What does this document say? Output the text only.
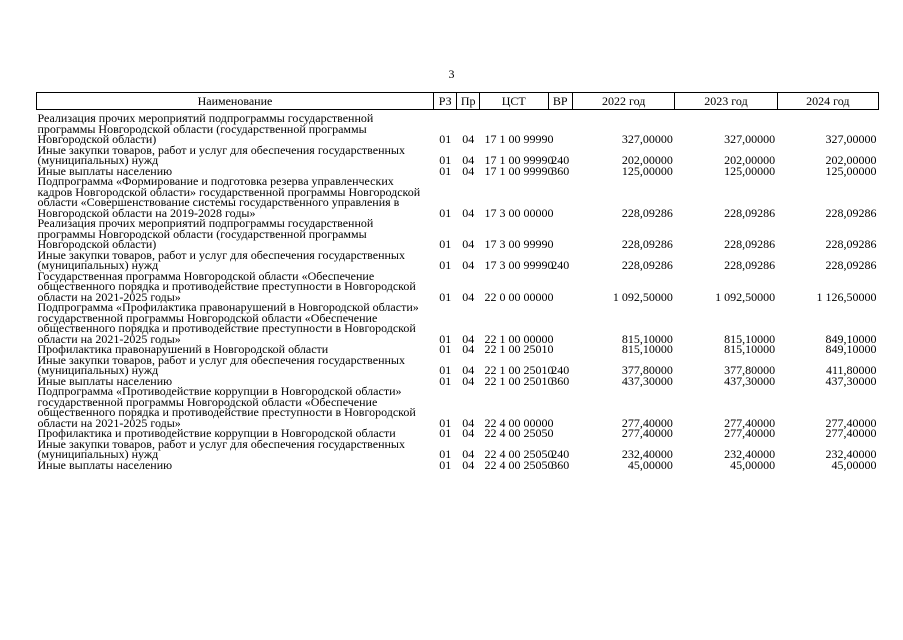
3
Наименование	РЗ	Пр	ЦСТ	ВР	2022 год	2023 год	2024 год
Реализация прочих мероприятий подпрограммы государственной программы Новгородской области (государственной программы Новгородской области)	01	04	17 1 00 99990		327,00000	327,00000	327,00000
Иные закупки товаров, работ и услуг для обеспечения государственных (муниципальных) нужд	01	04	17 1 00 99990	240	202,00000	202,00000	202,00000
Иные выплаты населению	01	04	17 1 00 99990	360	125,00000	125,00000	125,00000
Подпрограмма «Формирование и подготовка резерва управленческих кадров Новгородской области» государственной программы Новгородской области «Совершенствование системы государственного управления в Новгородской области на 2019-2028 годы»	01	04	17 3 00 00000		228,09286	228,09286	228,09286
Реализация прочих мероприятий подпрограммы государственной программы Новгородской области (государственной программы Новгородской области)	01	04	17 3 00 99990		228,09286	228,09286	228,09286
Иные закупки товаров, работ и услуг для обеспечения государственных (муниципальных) нужд	01	04	17 3 00 99990	240	228,09286	228,09286	228,09286
Государственная программа Новгородской области «Обеспечение общественного порядка и противодействие преступности в Новгородской области на 2021-2025 годы»	01	04	22 0 00 00000		1 092,50000	1 092,50000	1 126,50000
Подпрограмма «Профилактика правонарушений в Новгородской области» государственной программы Новгородской области «Обеспечение общественного порядка и противодействие преступности в Новгородской области на 2021-2025 годы»	01	04	22 1 00 00000		815,10000	815,10000	849,10000
Профилактика правонарушений в Новгородской области	01	04	22 1 00 25010		815,10000	815,10000	849,10000
Иные закупки товаров, работ и услуг для обеспечения государственных (муниципальных) нужд	01	04	22 1 00 25010	240	377,80000	377,80000	411,80000
Иные выплаты населению	01	04	22 1 00 25010	360	437,30000	437,30000	437,30000
Подпрограмма «Противодействие коррупции в Новгородской области» государственной программы Новгородской области «Обеспечение общественного порядка и противодействие преступности в Новгородской области на 2021-2025 годы»	01	04	22 4 00 00000		277,40000	277,40000	277,40000
Профилактика и противодействие коррупции в Новгородской области	01	04	22 4 00 25050		277,40000	277,40000	277,40000
Иные закупки товаров, работ и услуг для обеспечения государственных (муниципальных) нужд	01	04	22 4 00 25050	240	232,40000	232,40000	232,40000
Иные выплаты населению	01	04	22 4 00 25050	360	45,00000	45,00000	45,00000
